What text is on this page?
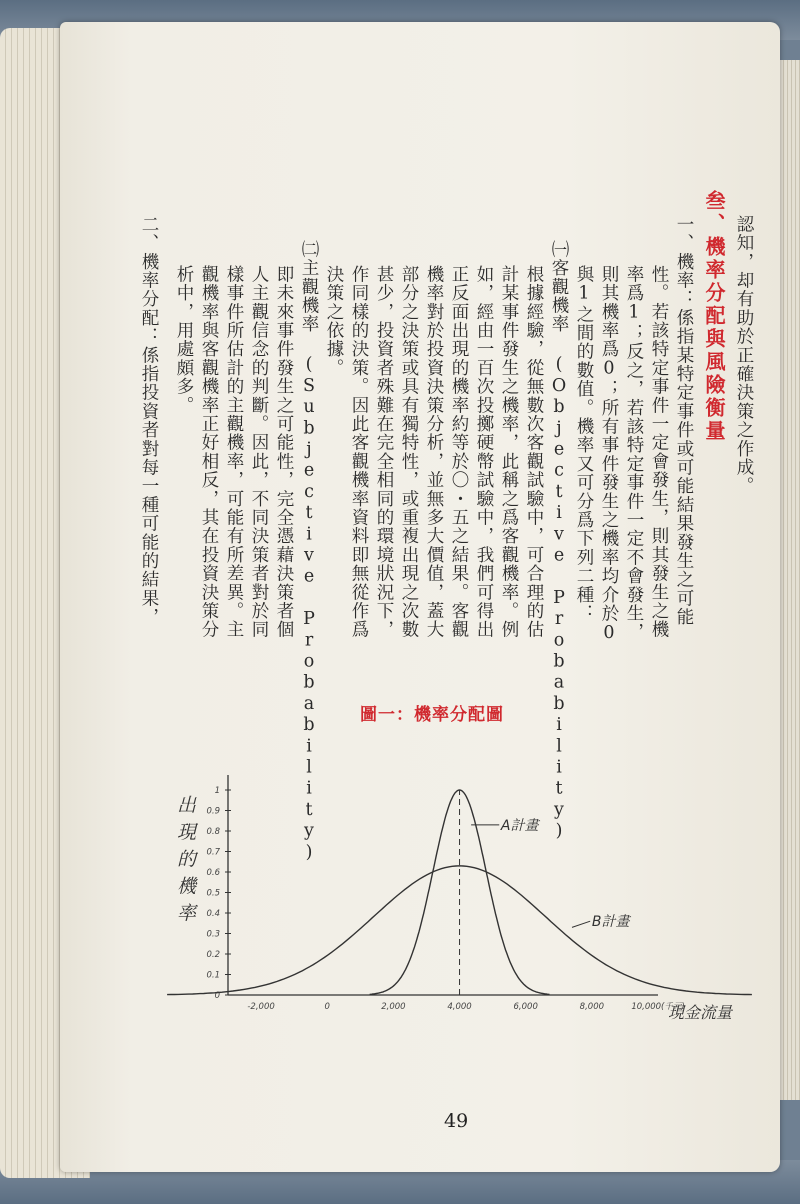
認知，却有助於正確決策之作成。
叁、機率分配與風險衡量
一、機率：係指某特定事件或可能結果發生之可能
性。若該特定事件一定會發生，則其發生之機
率爲1；反之，若該特定事件一定不會發生，
則其機率爲0；所有事件發生之機率均介於0
與1之間的數值。機率又可分爲下列二種：
㈠客觀機率 (Objective Probability)
根據經驗，從無數次客觀試驗中，可合理的估
計某事件發生之機率，此稱之爲客觀機率。例
如，經由一百次投擲硬幣試驗中，我們可得出
正反面出現的機率約等於〇・五之結果。客觀
機率對於投資決策分析，並無多大價值，蓋大
部分之決策或具有獨特性，或重複出現之次數
甚少，投資者殊難在完全相同的環境狀況下，
作同樣的決策。因此客觀機率資料即無從作爲
決策之依據。
㈡主觀機率 (Subjective Probability)
即未來事件發生之可能性，完全憑藉決策者個
人主觀信念的判斷。因此，不同決策者對於同
樣事件所估計的主觀機率，可能有所差異。主
觀機率與客觀機率正好相反，其在投資決策分
析中，用處頗多。
二、機率分配：係指投資者對每一種可能的結果，
圖一：機率分配圖
出現的機率
現金流量
0
0.1
0.2
0.3
0.4
0.5
0.6
0.7
0.8
0.9
1
-2,000	0	2,000	4,000	6,000	8,000	10,000(千元)
A計畫
B計畫
49
